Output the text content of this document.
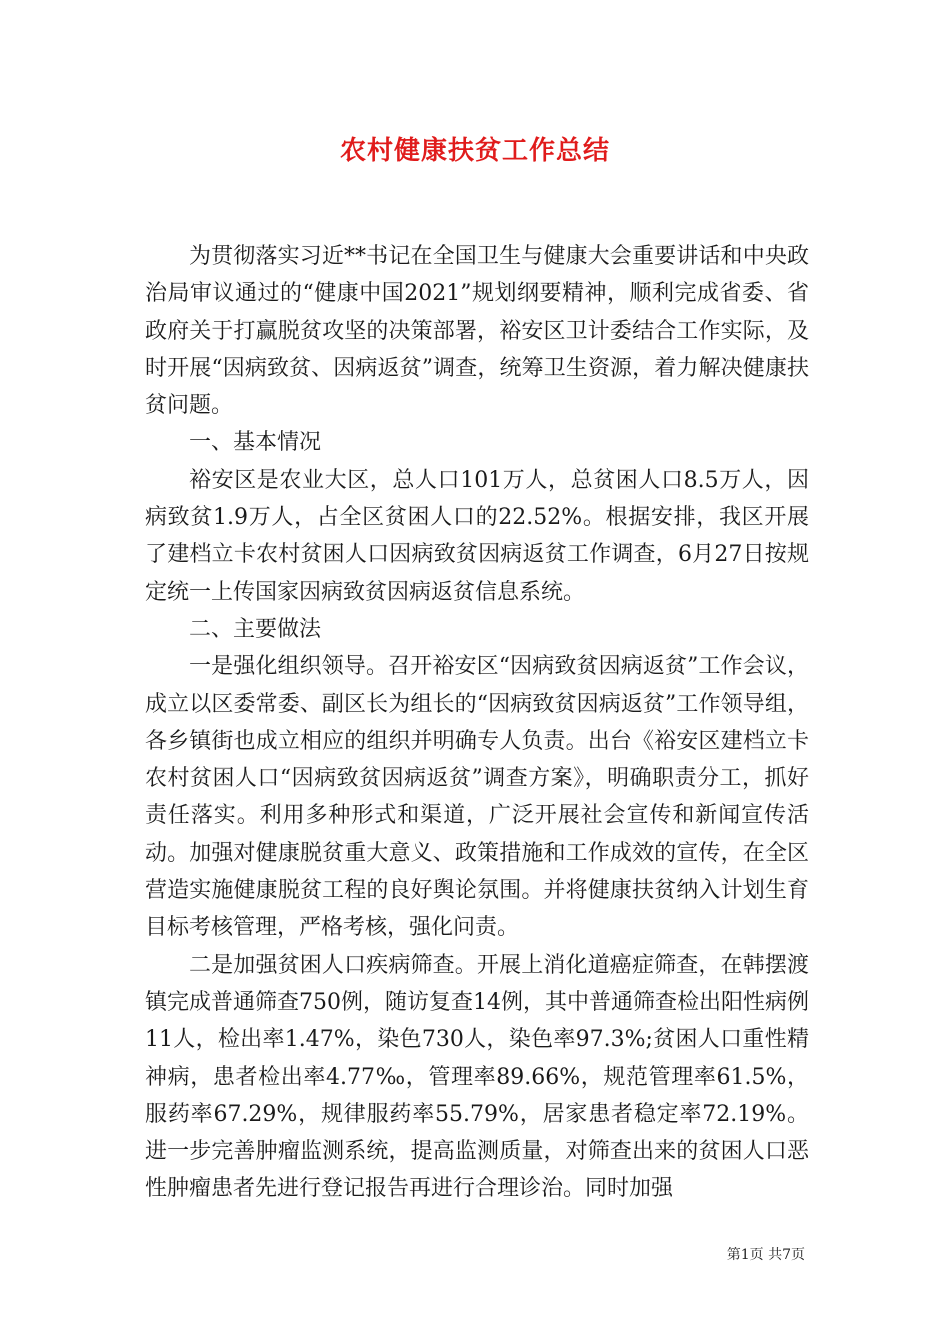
农村健康扶贫工作总结

为贯彻落实习近**书记在全国卫生与健康大会重要讲话和中央政治局审议通过的“健康中国2021”规划纲要精神，顺利完成省委、省政府关于打赢脱贫攻坚的决策部署，裕安区卫计委结合工作实际，及时开展“因病致贫、因病返贫”调查，统筹卫生资源，着力解决健康扶贫问题。

一、基本情况

裕安区是农业大区，总人口101万人，总贫困人口8.5万人，因病致贫1.9万人，占全区贫困人口的22.52%。根据安排，我区开展了建档立卡农村贫困人口因病致贫因病返贫工作调查，6月27日按规定统一上传国家因病致贫因病返贫信息系统。

二、主要做法

一是强化组织领导。召开裕安区“因病致贫因病返贫”工作会议，成立以区委常委、副区长为组长的“因病致贫因病返贫”工作领导组，各乡镇街也成立相应的组织并明确专人负责。出台《裕安区建档立卡农村贫困人口“因病致贫因病返贫”调查方案》，明确职责分工，抓好责任落实。利用多种形式和渠道，广泛开展社会宣传和新闻宣传活动。加强对健康脱贫重大意义、政策措施和工作成效的宣传，在全区营造实施健康脱贫工程的良好舆论氛围。并将健康扶贫纳入计划生育目标考核管理，严格考核，强化问责。

二是加强贫困人口疾病筛查。开展上消化道癌症筛查，在韩摆渡镇完成普通筛查750例，随访复查14例，其中普通筛查检出阳性病例11人，检出率1.47%，染色730人，染色率97.3%;贫困人口重性精神病，患者检出率4.77‰，管理率89.66%，规范管理率61.5%，服药率67.29%，规律服药率55.79%，居家患者稳定率72.19%。进一步完善肿瘤监测系统，提高监测质量，对筛查出来的贫困人口恶性肿瘤患者先进行登记报告再进行合理诊治。同时加强

第1页 共7页
